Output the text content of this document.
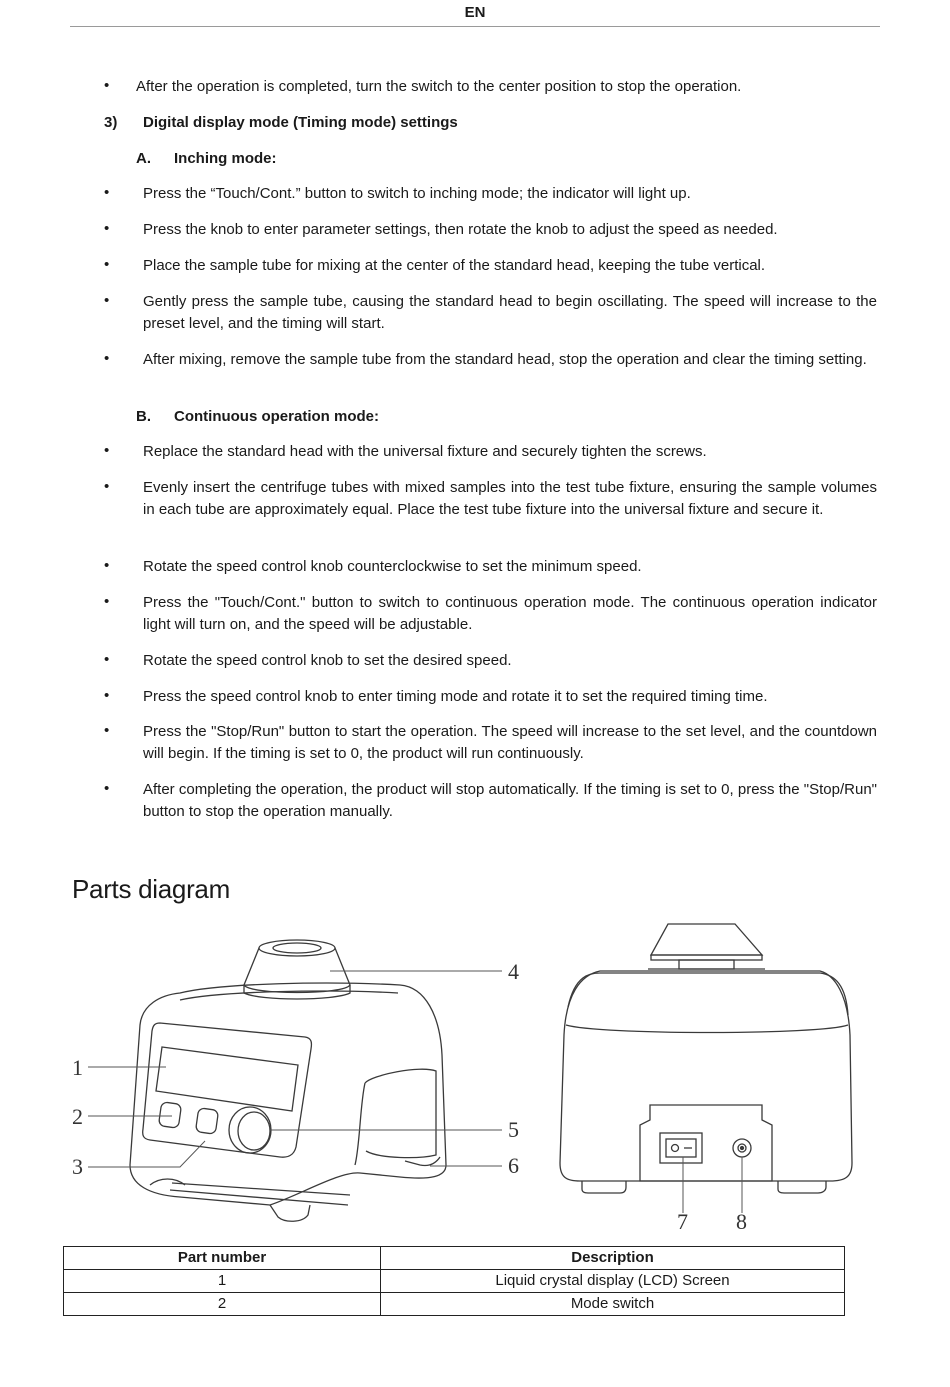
EN
• After the operation is completed, turn the switch to the center position to stop the operation.
3) Digital display mode (Timing mode) settings
A. Inching mode:
• Press the “Touch/Cont.” button to switch to inching mode; the indicator will light up.
• Press the knob to enter parameter settings, then rotate the knob to adjust the speed as needed.
• Place the sample tube for mixing at the center of the standard head, keeping the tube vertical.
• Gently press the sample tube, causing the standard head to begin oscillating. The speed will increase to the preset level, and the timing will start.
• After mixing, remove the sample tube from the standard head, stop the operation and clear the timing setting.
B. Continuous operation mode:
• Replace the standard head with the universal fixture and securely tighten the screws.
• Evenly insert the centrifuge tubes with mixed samples into the test tube fixture, ensuring the sample volumes in each tube are approximately equal. Place the test tube fixture into the universal fixture and secure it.
• Rotate the speed control knob counterclockwise to set the minimum speed.
• Press the "Touch/Cont." button to switch to continuous operation mode. The continuous operation indicator light will turn on, and the speed will be adjustable.
• Rotate the speed control knob to set the desired speed.
• Press the speed control knob to enter timing mode and rotate it to set the required timing time.
• Press the "Stop/Run" button to start the operation. The speed will increase to the set level, and the countdown will begin. If the timing is set to 0, the product will run continuously.
• After completing the operation, the product will stop automatically. If the timing is set to 0, press the "Stop/Run" button to stop the operation manually.
Parts diagram
1
2
3
4
5
6
7 8
Part number	Description
1	Liquid crystal display (LCD) Screen
2	Mode switch
